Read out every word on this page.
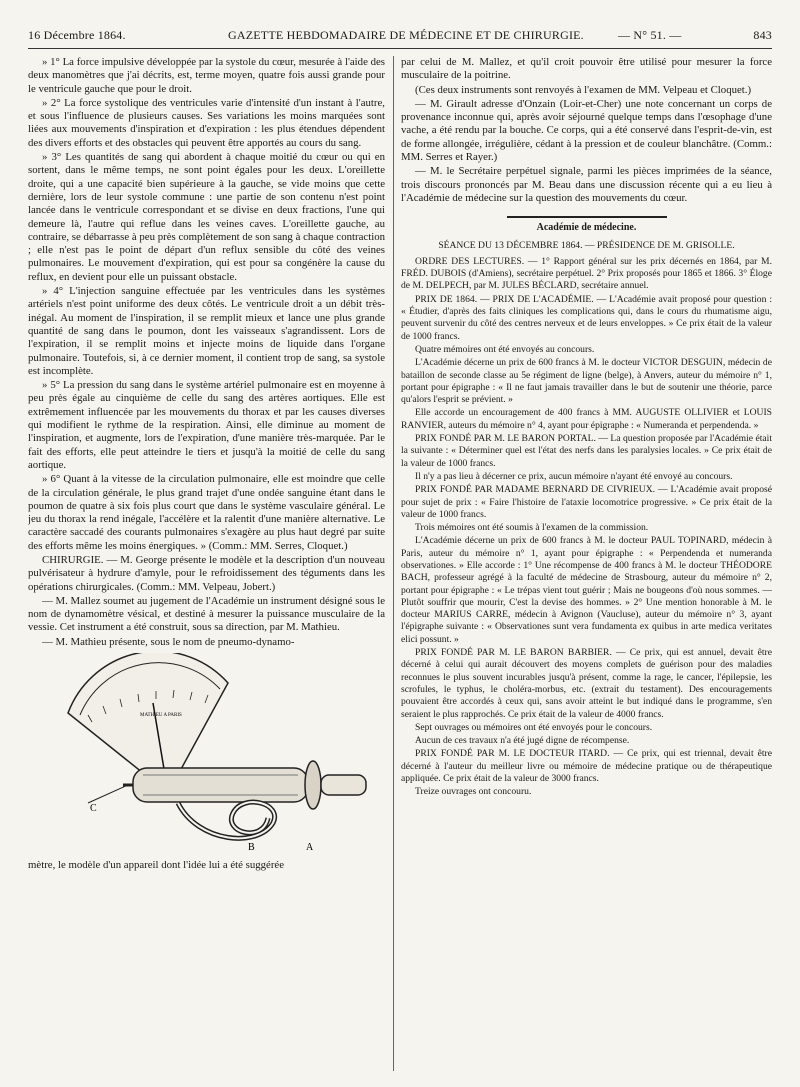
16 Décembre 1864.	GAZETTE HEBDOMADAIRE DE MÉDECINE ET DE CHIRURGIE.	— N° 51. —	843

» 1° La force impulsive développée par la systole du cœur, mesurée à l'aide des deux manomètres que j'ai décrits, est, terme moyen, quatre fois aussi grande pour le ventricule gauche que pour le droit.

» 2° La force systolique des ventricules varie d'intensité d'un instant à l'autre, et sous l'influence de plusieurs causes. Ses variations les moins marquées sont liées aux mouvements d'inspiration et d'expiration : les plus étendues dépendent des divers efforts et des obstacles qui peuvent être apportés au cours du sang.

» 3° Les quantités de sang qui abordent à chaque moitié du cœur ou qui en sortent, dans le même temps, ne sont point égales pour les deux. L'oreillette droite, qui a une capacité bien supérieure à la gauche, se vide moins que cette dernière, lors de leur systole commune : une partie de son contenu n'est point lancée dans le ventricule correspondant et se divise en deux fractions, l'une qui demeure là, l'autre qui reflue dans les veines caves. L'oreillette gauche, au contraire, se débarrasse à peu près complètement de son sang à chaque contraction ; elle n'est pas le point de départ d'un reflux sensible du côté des veines pulmonaires. Le mouvement d'expiration, qui est pour sa congénère la cause du reflux, en devient pour elle un puissant obstacle.

» 4° L'injection sanguine effectuée par les ventricules dans les systèmes artériels n'est point uniforme des deux côtés. Le ventricule droit a un débit très-inégal. Au moment de l'inspiration, il se remplit mieux et lance une plus grande quantité de sang dans le poumon, dont les vaisseaux s'agrandissent. Lors de l'expiration, il se remplit moins et injecte moins de liquide dans l'organe pulmonaire. Toutefois, si, à ce dernier moment, il contient trop de sang, sa systole est incomplète.

» 5° La pression du sang dans le système artériel pulmonaire est en moyenne à peu près égale au cinquième de celle du sang des artères aortiques. Elle est extrêmement influencée par les mouvements du thorax et par les causes diverses qui modifient le rythme de la respiration. Ainsi, elle diminue au moment de l'inspiration, et augmente, lors de l'expiration, d'une manière très-marquée. Par le fait des efforts, elle peut atteindre le tiers et jusqu'à la moitié de celle du sang aortique.

» 6° Quant à la vitesse de la circulation pulmonaire, elle est moindre que celle de la circulation générale, le plus grand trajet d'une ondée sanguine étant dans le poumon de quatre à six fois plus court que dans le système vasculaire général. Le jeu du thorax la rend inégale, l'accélère et la ralentit d'une manière alternative. Le caractère saccadé des courants pulmonaires s'exagère au plus haut degré par suite des efforts même les moins énergiques. » (Comm.: MM. Serres, Cloquet.)

CHIRURGIE. — M. George présente le modèle et la description d'un nouveau pulvérisateur à hydrure d'amyle, pour le refroidissement des téguments dans les opérations chirurgicales. (Comm.: MM. Velpeau, Jobert.)

— M. Mallez soumet au jugement de l'Académie un instrument désigné sous le nom de dynamomètre vésical, et destiné à mesurer la puissance musculaire de la vessie. Cet instrument a été construit, sous sa direction, par M. Mathieu.

— M. Mathieu présente, sous le nom de pneumo-dynamo-

MATHIEU A PARIS
C
B	A

mètre, le modèle d'un appareil dont l'idée lui a été suggérée

par celui de M. Mallez, et qu'il croit pouvoir être utilisé pour mesurer la force musculaire de la poitrine.

(Ces deux instruments sont renvoyés à l'examen de MM. Velpeau et Cloquet.)

— M. Girault adresse d'Onzain (Loir-et-Cher) une note concernant un corps de provenance inconnue qui, après avoir séjourné quelque temps dans l'œsophage d'une vache, a été rendu par la bouche. Ce corps, qui a été conservé dans l'esprit-de-vin, est de forme allongée, irrégulière, cédant à la pression et de couleur blanchâtre. (Comm.: MM. Serres et Rayer.)

— M. le Secrétaire perpétuel signale, parmi les pièces imprimées de la séance, trois discours prononcés par M. Beau dans une discussion récente qui a eu lieu à l'Académie de médecine sur la question des mouvements du cœur.

Académie de médecine.
SÉANCE DU 13 DÉCEMBRE 1864. — PRÉSIDENCE DE M. GRISOLLE.

ORDRE DES LECTURES. — 1° Rapport général sur les prix décernés en 1864, par M. FRÉD. DUBOIS (d'Amiens), secrétaire perpétuel. 2° Prix proposés pour 1865 et 1866. 3° Éloge de M. DELPECH, par M. JULES BÉCLARD, secrétaire annuel.

PRIX DE 1864. — PRIX DE L'ACADÉMIE. — L'Académie avait proposé pour question : « Étudier, d'après des faits cliniques les complications qui, dans le cours du rhumatisme aigu, peuvent survenir du côté des centres nerveux et de leurs enveloppes. » Ce prix était de la valeur de 1000 francs.

Quatre mémoires ont été envoyés au concours.

L'Académie décerne un prix de 600 francs à M. le docteur VICTOR DESGUIN, médecin de bataillon de seconde classe au 5e régiment de ligne (belge), à Anvers, auteur du mémoire n° 1, portant pour épigraphe : « Il ne faut jamais travailler dans le but de soutenir une théorie, parce qu'alors l'esprit se prévient. »

Elle accorde un encouragement de 400 francs à MM. AUGUSTE OLLIVIER et LOUIS RANVIER, auteurs du mémoire n° 4, ayant pour épigraphe : « Numeranda et perpendenda. »

PRIX FONDÉ PAR M. LE BARON PORTAL. — La question proposée par l'Académie était la suivante : « Déterminer quel est l'état des nerfs dans les paralysies locales. » Ce prix était de la valeur de 1000 francs.

Il n'y a pas lieu à décerner ce prix, aucun mémoire n'ayant été envoyé au concours.

PRIX FONDÉ PAR MADAME BERNARD DE CIVRIEUX. — L'Académie avait proposé pour sujet de prix : « Faire l'histoire de l'ataxie locomotrice progressive. » Ce prix était de la valeur de 1000 francs.

Trois mémoires ont été soumis à l'examen de la commission.

L'Académie décerne un prix de 600 francs à M. le docteur PAUL TOPINARD, médecin à Paris, auteur du mémoire n° 1, ayant pour épigraphe : « Perpendenda et numeranda observationes. » Elle accorde : 1° Une récompense de 400 francs à M. le docteur THÉODORE BACH, professeur agrégé à la faculté de médecine de Strasbourg, auteur du mémoire n° 2, portant pour épigraphe : « Le trépas vient tout guérir ; Mais ne bougeons d'où nous sommes. — Plutôt souffrir que mourir, C'est la devise des hommes. » 2° Une mention honorable à M. le docteur MARIUS CARRE, médecin à Avignon (Vaucluse), auteur du mémoire n° 3, ayant l'épigraphe suivante : « Observationes sunt vera fundamenta ex quibus in arte medica veritates elici possunt. »

PRIX FONDÉ PAR M. LE BARON BARBIER. — Ce prix, qui est annuel, devait être décerné à celui qui aurait découvert des moyens complets de guérison pour des maladies reconnues le plus souvent incurables jusqu'à présent, comme la rage, le cancer, l'épilepsie, les scrofules, le typhus, le choléra-morbus, etc. (extrait du testament). Des encouragements pouvaient être accordés à ceux qui, sans avoir atteint le but indiqué dans le programme, s'en seraient le plus rapprochés. Ce prix était de la valeur de 4000 francs.

Sept ouvrages ou mémoires ont été envoyés pour le concours.

Aucun de ces travaux n'a été jugé digne de récompense.

PRIX FONDÉ PAR M. LE DOCTEUR ITARD. — Ce prix, qui est triennal, devait être décerné à l'auteur du meilleur livre ou mémoire de médecine pratique ou de thérapeutique appliquée. Ce prix était de la valeur de 3000 francs.

Treize ouvrages ont concouru.
